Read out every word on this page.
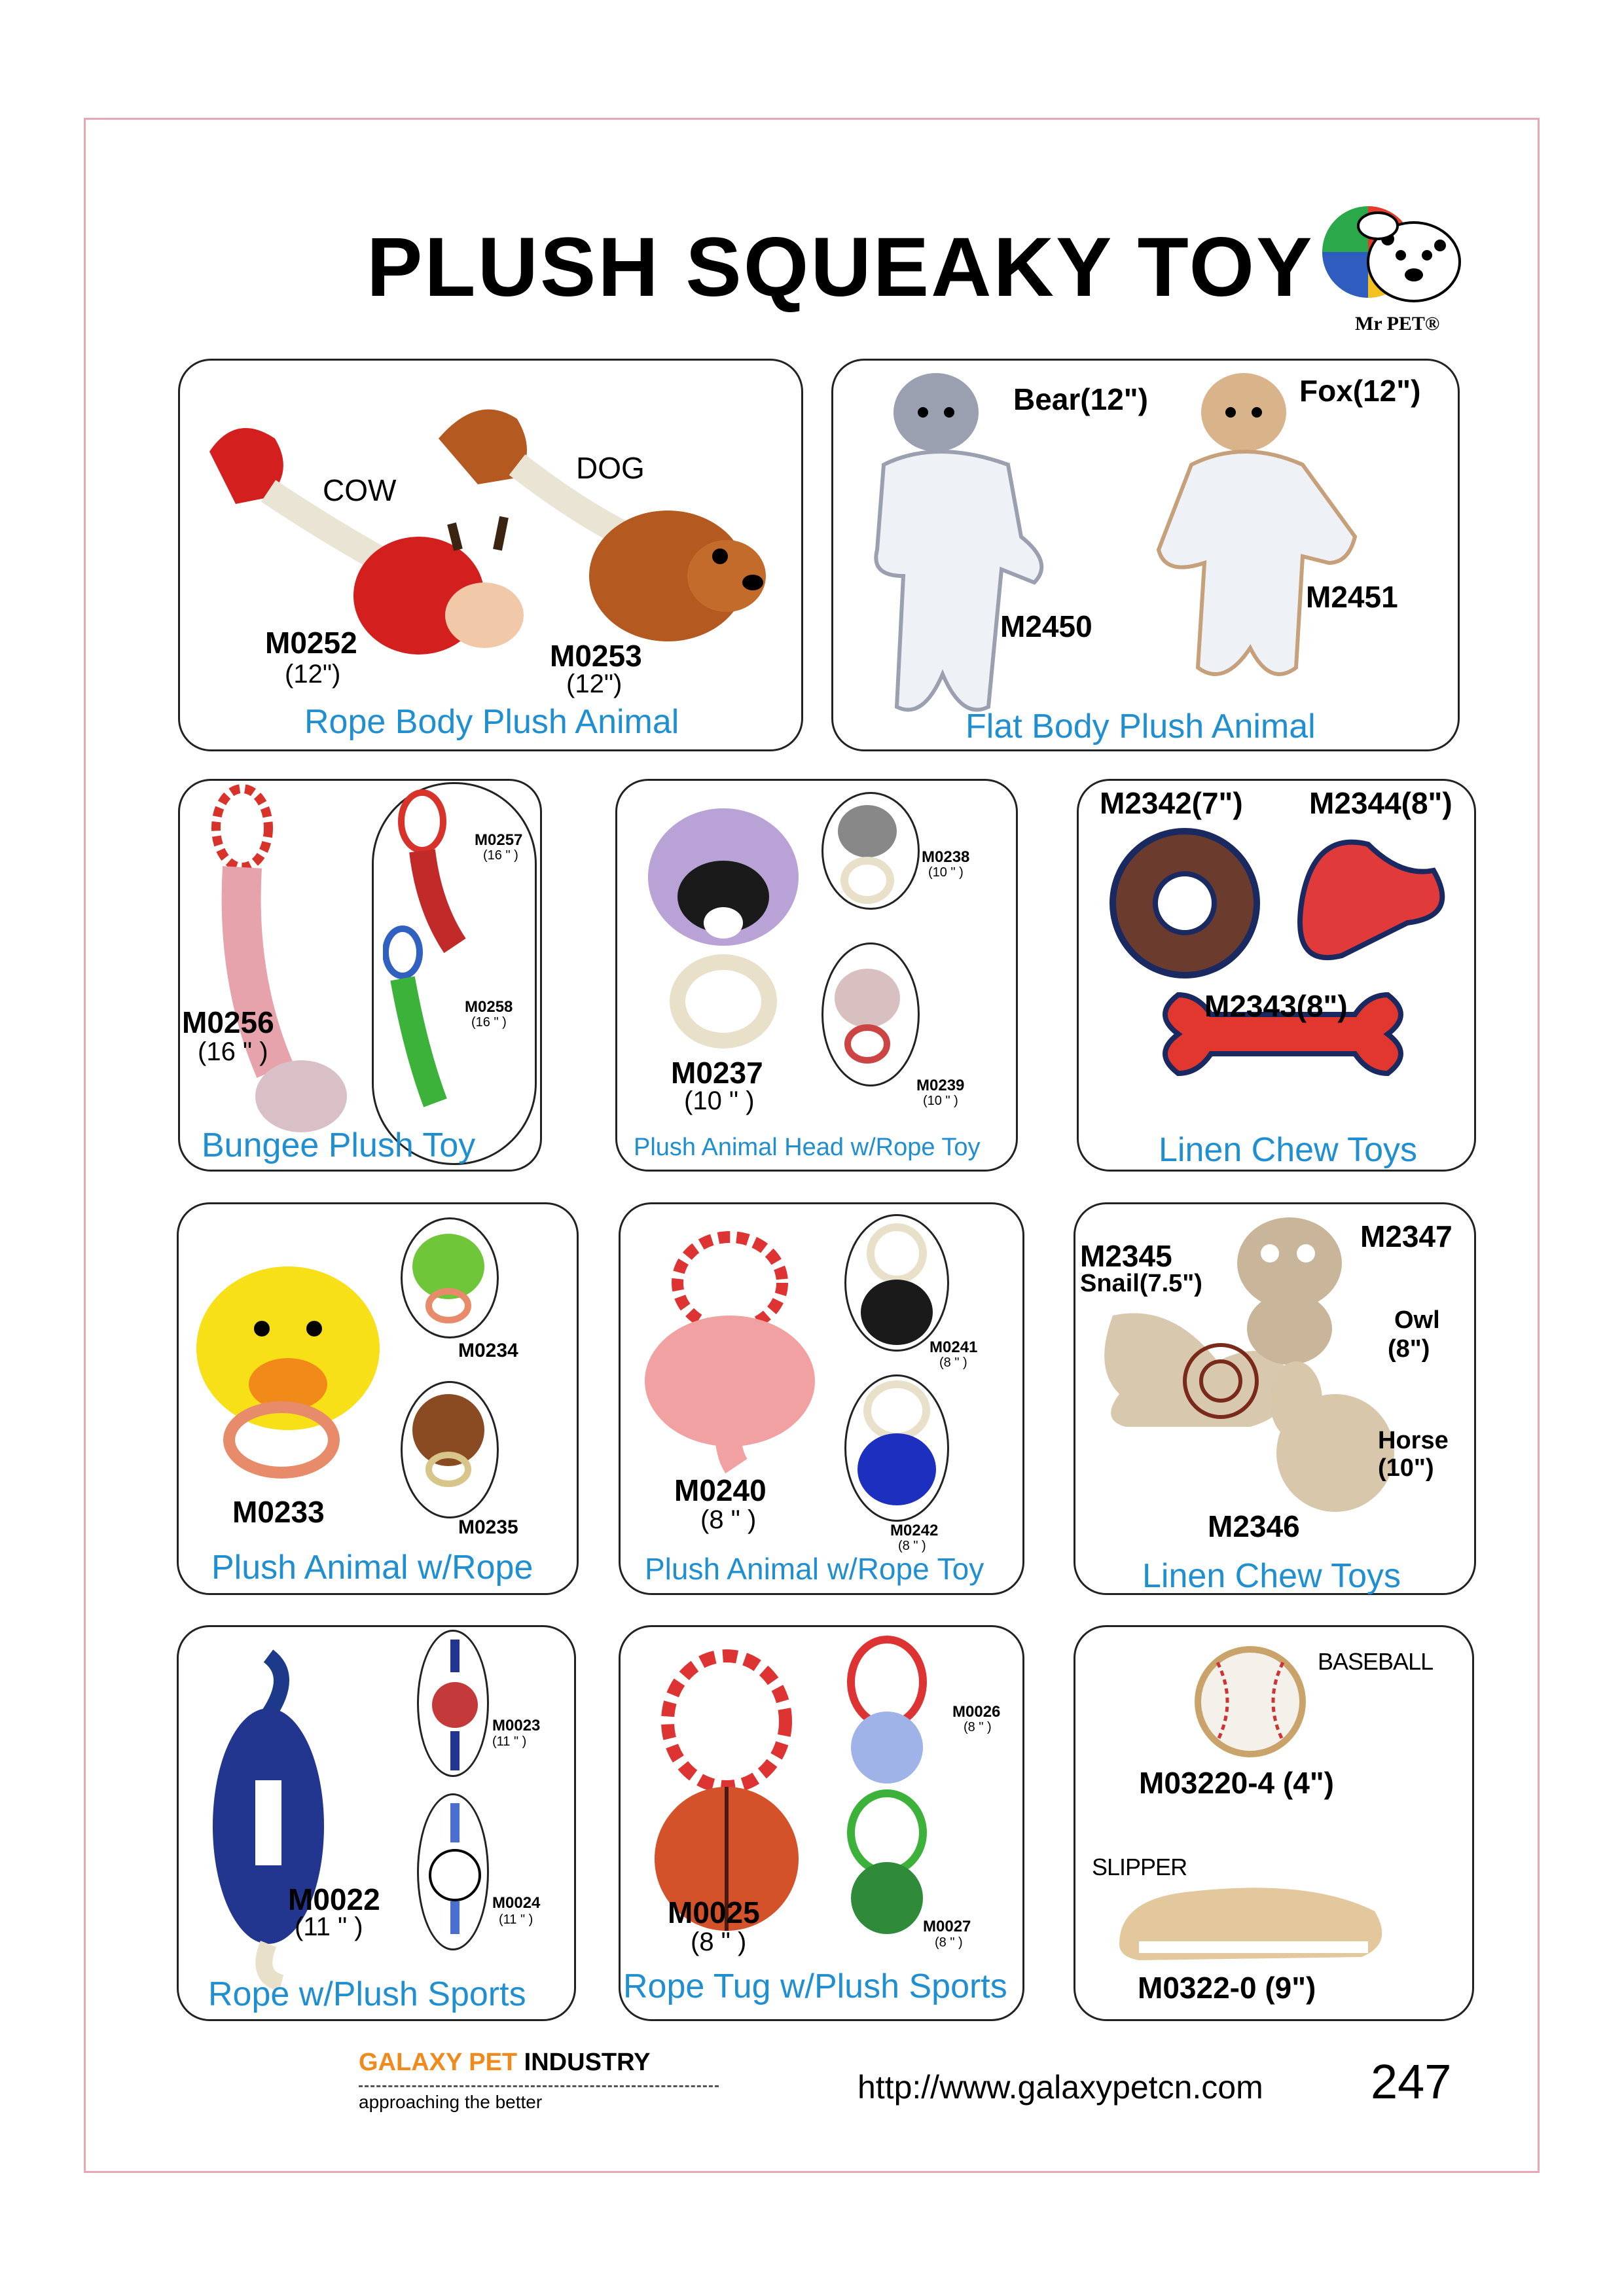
PLUSH SQUEAKY TOY
Mr PET®
COW
DOG
M0252
(12")
M0253
(12")
Rope Body Plush Animal
Bear(12")	Fox(12")
M2450
M2451
Flat Body Plush Animal
M0257
(16 " )
M0258
(16 " )
M0256
(16 " )
Bungee Plush Toy
M0238
(10 " )
M0239
(10 " )
M0237
(10 " )
Plush Animal Head w/Rope Toy
M2342(7") M2344(8")
M2343(8")
Linen Chew Toys
M0234
M0235
M0233
Plush Animal w/Rope
M0241
(8 " )
M0242
(8 " )
M0240
(8 " )
Plush Animal w/Rope Toy
M2345
Snail(7.5")
M2347
Owl
(8")
Horse
(10")
M2346
Linen Chew Toys
M0023
(11 " )
M0024
(11 " )
M0022
(11 " )
Rope w/Plush Sports
M0026
(8 " )
M0027
(8 " )
M0025
(8 " )
Rope Tug w/Plush Sports
BASEBALL
M03220-4 (4")
SLIPPER
M0322-0 (9")
GALAXY PET INDUSTRY
approaching the better	http://www.galaxypetcn.com 247
